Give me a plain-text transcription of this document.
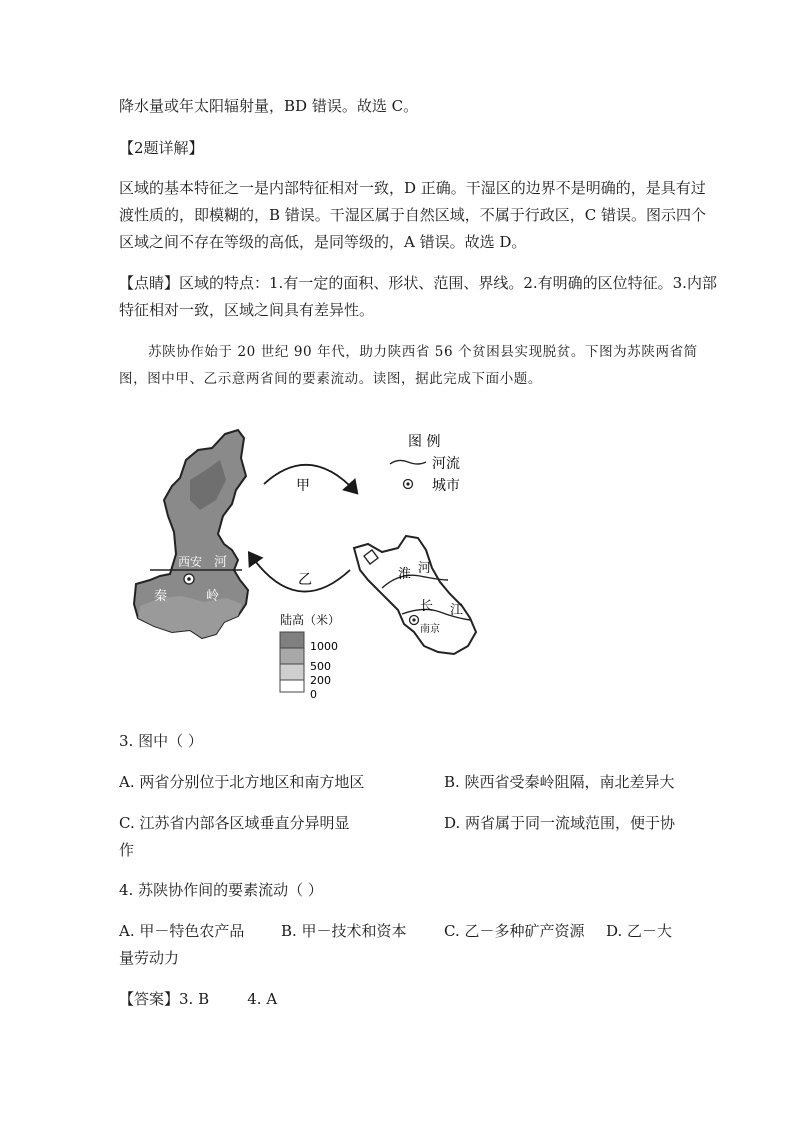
降水量或年太阳辐射量，BD 错误。故选 C。
【2题详解】
区域的基本特征之一是内部特征相对一致，D 正确。干湿区的边界不是明确的，是具有过
渡性质的，即模糊的，B 错误。干湿区属于自然区域，不属于行政区，C 错误。图示四个
区域之间不存在等级的高低，是同等级的，A 错误。故选 D。
【点睛】区域的特点：1.有一定的面积、形状、范围、界线。2.有明确的区位特征。3.内部
特征相对一致，区域之间具有差异性。
苏陕协作始于 20 世纪 90 年代，助力陕西省 56 个贫困县实现脱贫。下图为苏陕两省简
图，图中甲、乙示意两省间的要素流动。读图，据此完成下面小题。
渭 西安 河
秦	岭
甲
乙
图 例
河流
城市
淮 河
长 江
南京
陆高（米）
1000
500
200
0
3. 图中（ ）
A. 两省分别位于北方地区和南方地区	B. 陕西省受秦岭阻隔，南北差异大
C. 江苏省内部各区域垂直分异明显	D. 两省属于同一流域范围，便于协
作
4. 苏陕协作间的要素流动（ ）
A. 甲－特色农产品 B. 甲－技术和资本 C. 乙－多种矿产资源 D. 乙－大
量劳动力
【答案】3. B        4. A
